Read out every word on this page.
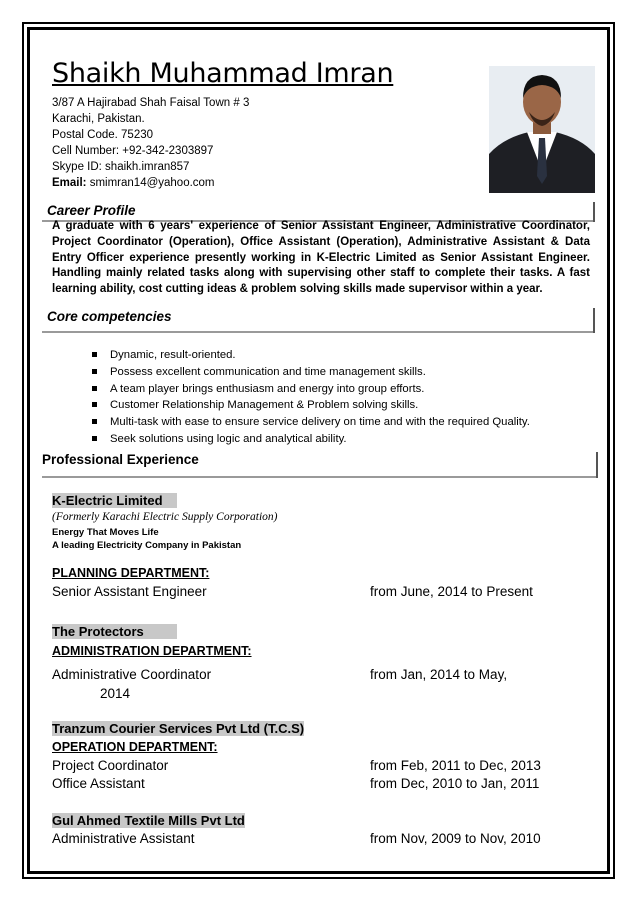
Shaikh Muhammad Imran
3/87 A Hajirabad Shah Faisal Town # 3
Karachi, Pakistan.
Postal Code. 75230
Cell Number: +92-342-2303897
Skype ID: shaikh.imran857
Email: smimran14@yahoo.com
Career Profile
A graduate with 6 years' experience of Senior Assistant Engineer, Administrative Coordinator, Project Coordinator (Operation), Office Assistant (Operation), Administrative Assistant & Data Entry Officer experience presently working in K-Electric Limited as Senior Assistant Engineer. Handling mainly related tasks along with supervising other staff to complete their tasks. A fast learning ability, cost cutting ideas & problem solving skills made supervisor within a year.
Core competencies
Dynamic, result-oriented.
Possess excellent communication and time management skills.
A team player brings enthusiasm and energy into group efforts.
Customer Relationship Management & Problem solving skills.
Multi-task with ease to ensure service delivery on time and with the required Quality.
Seek solutions using logic and analytical ability.
Professional Experience
K-Electric Limited
(Formerly Karachi Electric Supply Corporation)
Energy That Moves Life
A leading Electricity Company in Pakistan
PLANNING DEPARTMENT:
Senior Assistant Engineer	from June, 2014 to Present
The Protectors
ADMINISTRATION DEPARTMENT:
Administrative Coordinator	from Jan, 2014 to May,
2014
Tranzum Courier Services Pvt Ltd (T.C.S)
OPERATION DEPARTMENT:
Project Coordinator	from Feb, 2011 to Dec, 2013
Office Assistant	from Dec, 2010 to Jan, 2011
Gul Ahmed Textile Mills Pvt Ltd
Administrative Assistant	from Nov, 2009 to Nov, 2010
